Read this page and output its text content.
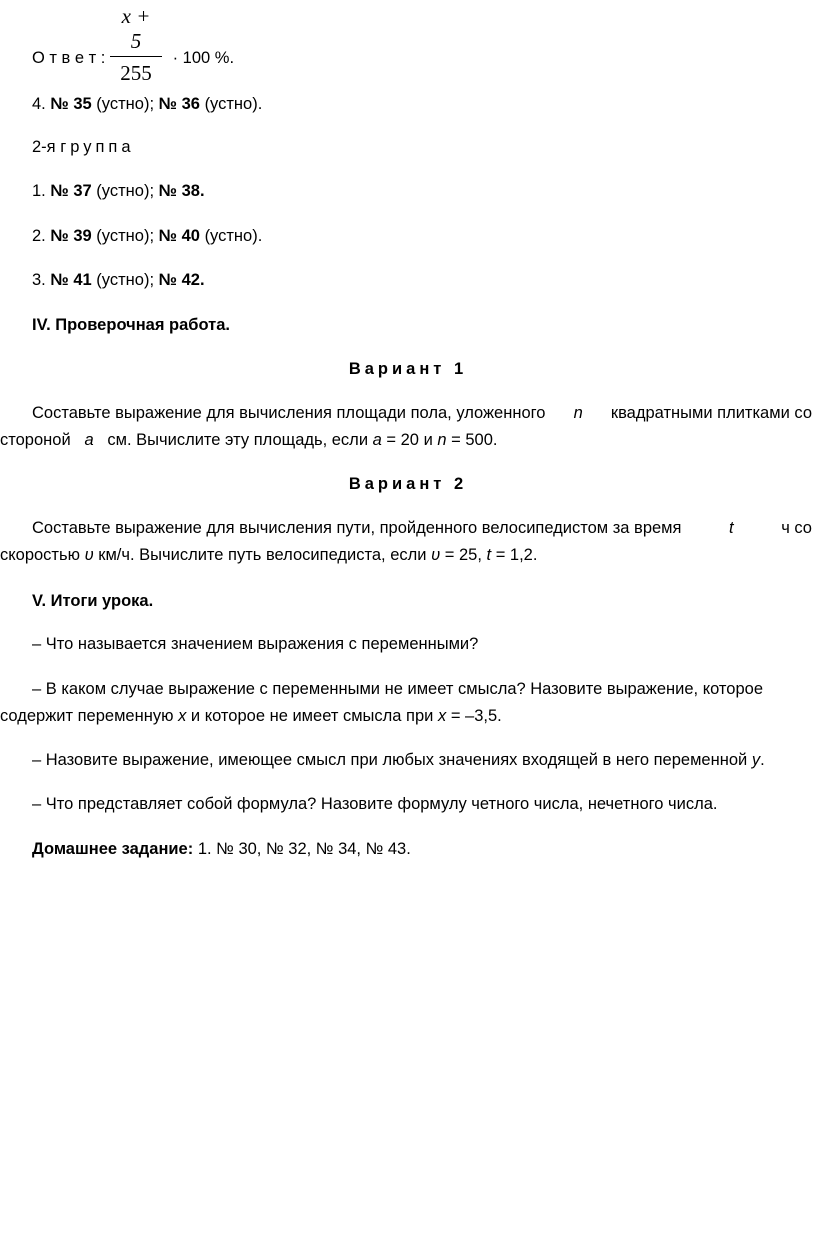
$\frac{x + 5}{255}$
О т в е т :	· 100 %.
4. № 35 (устно); № 36 (устно).
2-я группа
1. № 37 (устно); № 38.
2. № 39 (устно); № 40 (устно).
3. № 41 (устно); № 42.
IV. Проверочная работа.
Вариант 1
Составьте выражение для вычисления площади пола, уложенного n квадратными плитками со
стороной a см. Вычислите эту площадь, если a = 20 и n = 500.
Вариант 2
Составьте выражение для вычисления пути, пройденного велосипедистом за время	t	ч со
скоростью υ км/ч. Вычислите путь велосипедиста, если υ = 25, t = 1,2.
V. Итоги урока.
– Что называется значением выражения с переменными?
– В каком случае выражение с переменными не имеет смысла? Назовите выражение, которое
содержит переменную x и которое не имеет смысла при x = –3,5.
– Назовите выражение, имеющее смысл при любых значениях входящей в него переменной y.
– Что представляет собой формула? Назовите формулу четного числа, нечетного числа.
Домашнее задание: 1. № 30, № 32, № 34, № 43.
